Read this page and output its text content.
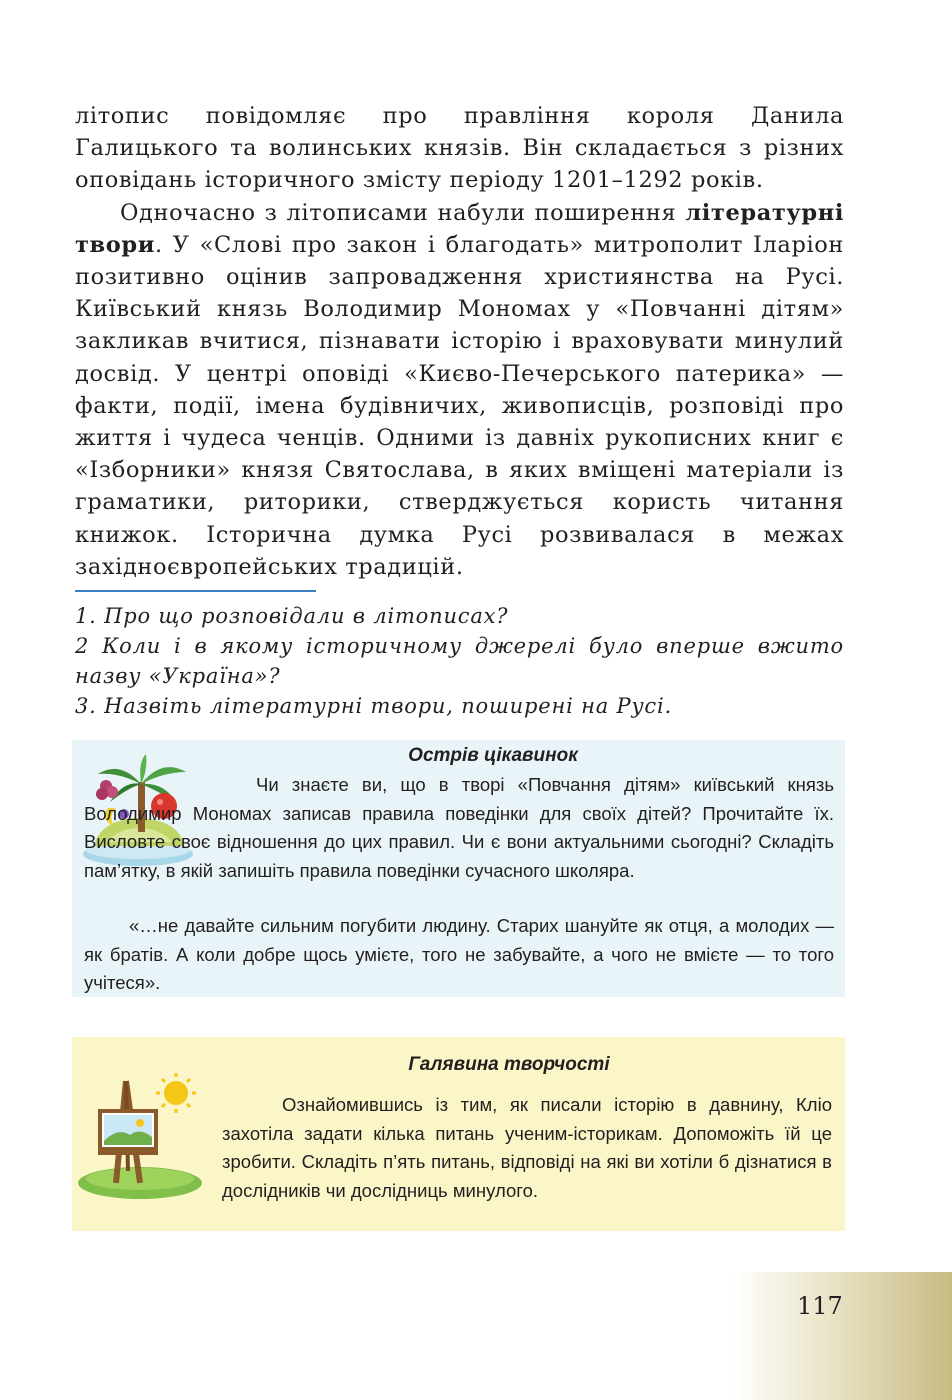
літопис повідомляє про правління короля Данила Галицького та волинських князів. Він складається з різних оповідань історичного змісту періоду 1201–1292 років.

Одночасно з літописами набули поширення літературні твори. У «Слові про закон і благодать» митрополит Іларіон позитивно оцінив запровадження християнства на Русі. Київський князь Володимир Мономах у «Повчанні дітям» закликав вчитися, пізнавати історію і враховувати минулий досвід. У центрі оповіді «Києво-Печерського патерика» — факти, події, імена будівничих, живописців, розповіді про життя і чудеса ченців. Одними із давніх рукописних книг є «Ізборники» князя Святослава, в яких вміщені матеріали із граматики, риторики, стверджується користь читання книжок. Історична думка Русі розвивалася в межах західноєвропейських традицій.

1. Про що розповідали в літописах?

2 Коли і в якому історичному джерелі було вперше вжито назву «Україна»?

3. Назвіть літературні твори, поширені на Русі.

Острів цікавинок

Чи знаєте ви, що в творі «Повчання дітям» київський князь Володимир Мономах записав правила поведінки для своїх дітей? Прочитайте їх. Висловте своє відношення до цих правил. Чи є вони актуальними сьогодні? Складіть пам’ятку, в якій запишіть правила поведінки сучасного школяра.

«…не давайте сильним погубити людину. Старих шануйте як отця, а молодих — як братів. А коли добре щось умієте, того не забувайте, а чого не вмієте — то того учітеся».

Галявина творчості

Ознайомившись із тим, як писали історію в давнину, Кліо захотіла задати кілька питань ученим-історикам. Допоможіть їй це зробити. Складіть п’ять питань, відповіді на які ви хотіли б дізнатися в дослідників чи дослідниць минулого.

117
